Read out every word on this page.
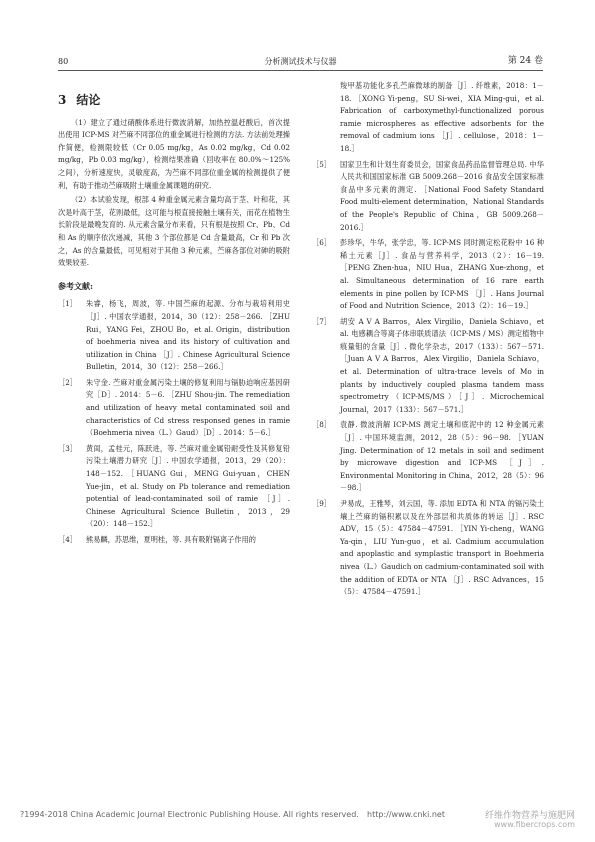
80	分析测试技术与仪器	第 24 卷
3 结论

（1）建立了通过硝酸体系进行微波消解，加热控温赶酸后，首次提出使用 ICP-MS 对苎麻不同部位的重金属进行检测的方法. 方法前处理操作简便，检测限较低（Cr 0.05 mg/kg，As 0.02 mg/kg，Cd 0.02 mg/kg，Pb 0.03 mg/kg），检测结果准确（回收率在 80.0%～125%之间），分析速度快，灵敏度高，为苎麻不同部位重金属的检测提供了便利，有助于推动苎麻吸附土壤重金属课题的研究.

（2）本试验发现，根部 4 种重金属元素含量均高于茎、叶和花，其次是叶高于茎，花则最低，这可能与根直接接触土壤有关，而花在植物生长阶段是最晚发育的. 从元素含量分布来看，只有根是按照 Cr、Pb、Cd 和 As 的顺序依次递减，其他 3 个部位都是 Cd 含量最高，Cr 和 Pb 次之，As 的含量最低，可见相对于其他 3 种元素，苎麻各部位对砷的吸附效果较差.

参考文献:
［1］	朱睿，杨飞，周波，等. 中国苎麻的起源、分布与栽培利用史［J］. 中国农学通报，2014，30（12）：258－266. ［ZHU Rui，YANG Fei，ZHOU Bo，et al. Origin，distribution of boehmeria nivea and its history of cultivation and utilization in China ［J］. Chinese Agricultural Science Bulletin，2014，30（12）：258－266.］
［2］	朱守金. 苎麻对重金属污染土壤的修复利用与镉胁迫响应基因研究［D］. 2014：5－6. ［ZHU Shou-jin. The remediation and utilization of heavy metal contaminated soil and characteristics of Cd stress responsed genes in ramie（Boehmeria nivea（L.）Gaud）［D］. 2014：5－6.］
［3］	黄闺，孟桂元，陈跃进，等. 苎麻对重金属铅耐受性及其修复铅污染土壤潜力研究［J］. 中国农学通报，2013，29（20）：148－152. ［HUANG Gui，MENG Gui-yuan，CHEN Yue-jin，et al. Study on Pb tolerance and remediation potential of lead-contaminated soil of ramie ［J］. Chinese Agricultural Science Bulletin，2013，29（20）：148－152.］
［4］	熊易麟，苏思维，夏明桂，等. 具有吸附镉离子作用的
羧甲基功能化多孔苎麻微球的制备［J］. 纤维素，2018：1－18. ［XONG Yi-peng，SU Si-wei，XIA Ming-gui，et al. Fabrication of carboxymethyl-functionalized porous ramie microspheres as effective adsorbents for the removal of cadmium ions ［J］. cellulose，2018：1－18.］
［5］	国家卫生和计划生育委员会，国家食品药品监督管理总局. 中华人民共和国国家标准 GB 5009.268－2016 食品安全国家标准 食品中多元素的测定. ［National Food Safety Standard Food multi-element determination，National Standards of the People's Republic of China，GB 5009.268－2016.］
［6］	彭珍华，牛华，张学忠，等. ICP-MS 同时测定松花粉中 16 种稀土元素［J］. 食品与营养科学，2013（2）：16－19. ［PENG Zhen-hua，NIU Hua，ZHANG Xue-zhong，et al. Simultaneous determination of 16 rare earth elements in pine pollen by ICP-MS ［J］. Hans Journal of Food and Nutrition Science，2013（2）：16－19.］
［7］	胡安 A V A Barros，Alex Virgilio，Daniela Schiavo，et al. 电感耦合等离子体串联质谱法（ICP-MS / MS）测定植物中痕量钼的含量［J］. 微化学杂志，2017（133）：567－571. ［Juan A V A Barros，Alex Virgilio，Daniela Schiavo，et al. Determination of ultra-trace levels of Mo in plants by inductively coupled plasma tandem mass spectrometry（ICP-MS/MS）［J］. Microchemical Journal，2017（133）：567－571.］
［8］	袁静. 微波消解 ICP-MS 测定土壤和底泥中的 12 种金属元素［J］. 中国环境监测，2012，28（5）：96－98. ［YUAN Jing. Determination of 12 metals in soil and sediment by microwave digestion and ICP-MS ［J］. Environmental Monitoring in China，2012，28（5）：96－98.］
［9］	尹易成，王雅琴，刘云国，等. 添加 EDTA 和 NTA 的镉污染土壤上苎麻的镉积累以及在外部层和共质体的转运［J］. RSC ADV，15（5）：47584－47591. ［YIN Yi-cheng，WANG Ya-qin，LIU Yun-guo，et al. Cadmium accumulation and apoplastic and symplastic transport in Boehmeria nivea（L.）Gaudich on cadmium-contaminated soil with the addition of EDTA or NTA ［J］. RSC Advances，15（5）：47584－47591.］
?1994-2018 China Academic Journal Electronic Publishing House. All rights reserved. http://www.cnki.net	纤维作物营养与施肥网
www.fibercrops.com
